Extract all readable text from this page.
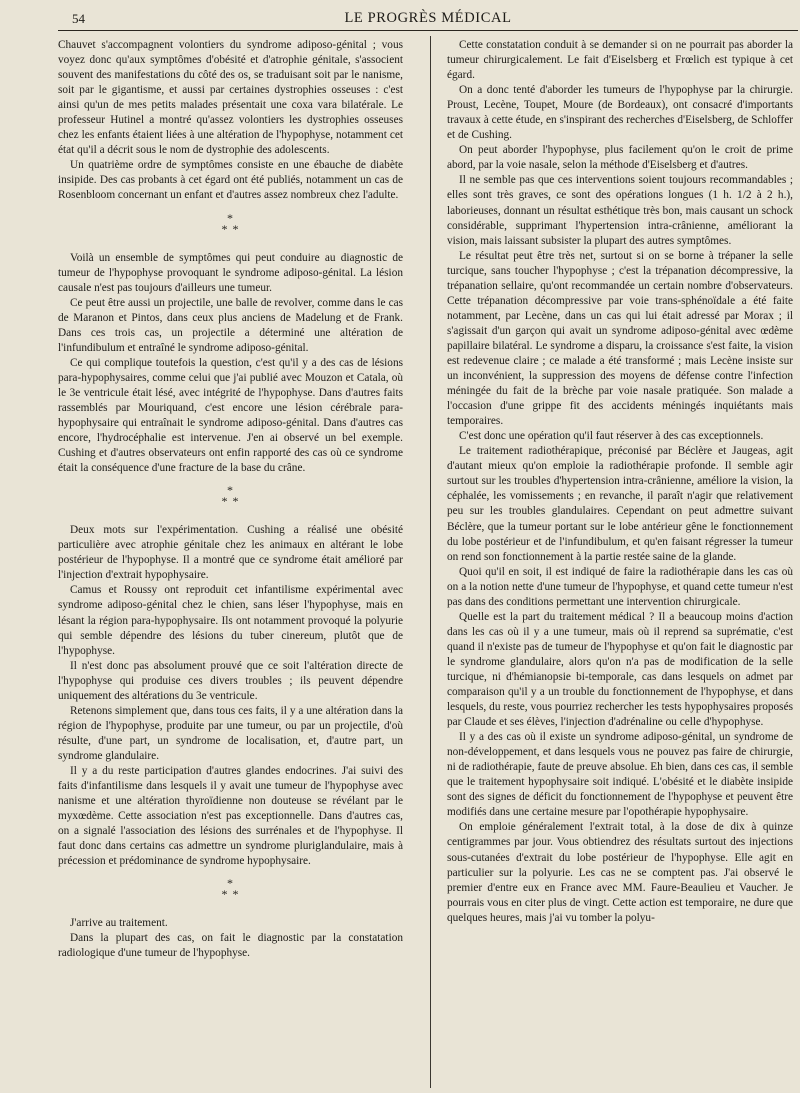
54	LE PROGRÈS MÉDICAL

Chauvet s'accompagnent volontiers du syndrome adiposo-génital ; vous voyez donc qu'aux symptômes d'obésité et d'atrophie génitale, s'associent souvent des manifestations du côté des os, se traduisant soit par le nanisme, soit par le gigantisme, et aussi par certaines dystrophies osseuses : c'est ainsi qu'un de mes petits malades présentait une coxa vara bilatérale. Le professeur Hutinel a montré qu'assez volontiers les dystrophies osseuses chez les enfants étaient liées à une altération de l'hypophyse, notamment cet état qu'il a décrit sous le nom de dystrophie des adolescents.

Un quatrième ordre de symptômes consiste en une ébauche de diabète insipide. Des cas probants à cet égard ont été publiés, notamment un cas de Rosenbloom concernant un enfant et d'autres assez nombreux chez l'adulte.

*
* *

Voilà un ensemble de symptômes qui peut conduire au diagnostic de tumeur de l'hypophyse provoquant le syndrome adiposo-génital. La lésion causale n'est pas toujours d'ailleurs une tumeur.

Ce peut être aussi un projectile, une balle de revolver, comme dans le cas de Maranon et Pintos, dans ceux plus anciens de Madelung et de Frank. Dans ces trois cas, un projectile a déterminé une altération de l'infundibulum et entraîné le syndrome adiposo-génital.

Ce qui complique toutefois la question, c'est qu'il y a des cas de lésions para-hypophysaires, comme celui que j'ai publié avec Mouzon et Catala, où le 3e ventricule était lésé, avec intégrité de l'hypophyse. Dans d'autres faits rassemblés par Mouriquand, c'est encore une lésion cérébrale para-hypophysaire qui entraînait le syndrome adiposo-génital. Dans d'autres cas encore, l'hydrocéphalie est intervenue. J'en ai observé un bel exemple. Cushing et d'autres observateurs ont enfin rapporté des cas où ce syndrome était la conséquence d'une fracture de la base du crâne.

*
* *

Deux mots sur l'expérimentation. Cushing a réalisé une obésité particulière avec atrophie génitale chez les animaux en altérant le lobe postérieur de l'hypophyse. Il a montré que ce syndrome était amélioré par l'injection d'extrait hypophysaire.

Camus et Roussy ont reproduit cet infantilisme expérimental avec syndrome adiposo-génital chez le chien, sans léser l'hypophyse, mais en lésant la région para-hypophysaire. Ils ont notamment provoqué la polyurie qui semble dépendre des lésions du tuber cinereum, plutôt que de l'hypophyse.

Il n'est donc pas absolument prouvé que ce soit l'altération directe de l'hypophyse qui produise ces divers troubles ; ils peuvent dépendre uniquement des altérations du 3e ventricule.

Retenons simplement que, dans tous ces faits, il y a une altération dans la région de l'hypophyse, produite par une tumeur, ou par un projectile, d'où résulte, d'une part, un syndrome de localisation, et, d'autre part, un syndrome glandulaire.

Il y a du reste participation d'autres glandes endocrines. J'ai suivi des faits d'infantilisme dans lesquels il y avait une tumeur de l'hypophyse avec nanisme et une altération thyroïdienne non douteuse se révélant par le myxœdème. Cette association n'est pas exceptionnelle. Dans d'autres cas, on a signalé l'association des lésions des surrénales et de l'hypophyse. Il faut donc dans certains cas admettre un syndrome pluriglandulaire, mais à précession et prédominance de syndrome hypophysaire.

*
* *

J'arrive au traitement.

Dans la plupart des cas, on fait le diagnostic par la constatation radiologique d'une tumeur de l'hypophyse.

Cette constatation conduit à se demander si on ne pourrait pas aborder la tumeur chirurgicalement. Le fait d'Eiselsberg et Frœlich est typique à cet égard.

On a donc tenté d'aborder les tumeurs de l'hypophyse par la chirurgie. Proust, Lecène, Toupet, Moure (de Bordeaux), ont consacré d'importants travaux à cette étude, en s'inspirant des recherches d'Eiselsberg, de Schloffer et de Cushing.

On peut aborder l'hypophyse, plus facilement qu'on le croit de prime abord, par la voie nasale, selon la méthode d'Eiselsberg et d'autres.

Il ne semble pas que ces interventions soient toujours recommandables ; elles sont très graves, ce sont des opérations longues (1 h. 1/2 à 2 h.), laborieuses, donnant un résultat esthétique très bon, mais causant un schock considérable, supprimant l'hypertension intra-crânienne, améliorant la vision, mais laissant subsister la plupart des autres symptômes.

Le résultat peut être très net, surtout si on se borne à trépaner la selle turcique, sans toucher l'hypophyse ; c'est la trépanation décompressive, la trépanation sellaire, qu'ont recommandée un certain nombre d'observateurs. Cette trépanation décompressive par voie trans-sphénoïdale a été faite notamment, par Lecène, dans un cas qui lui était adressé par Morax ; il s'agissait d'un garçon qui avait un syndrome adiposo-génital avec œdème papillaire bilatéral. Le syndrome a disparu, la croissance s'est faite, la vision est redevenue claire ; ce malade a été transformé ; mais Lecène insiste sur un inconvénient, la suppression des moyens de défense contre l'infection méningée du fait de la brèche par voie nasale pratiquée. Son malade a l'occasion d'une grippe fit des accidents méningés inquiétants mais temporaires.

C'est donc une opération qu'il faut réserver à des cas exceptionnels.

Le traitement radiothérapique, préconisé par Béclère et Jaugeas, agit d'autant mieux qu'on emploie la radiothérapie profonde. Il semble agir surtout sur les troubles d'hypertension intra-crânienne, améliore la vision, la céphalée, les vomissements ; en revanche, il paraît n'agir que relativement peu sur les troubles glandulaires. Cependant on peut admettre suivant Béclère, que la tumeur portant sur le lobe antérieur gêne le fonctionnement du lobe postérieur et de l'infundibulum, et qu'en faisant régresser la tumeur on rend son fonctionnement à la partie restée saine de la glande.

Quoi qu'il en soit, il est indiqué de faire la radiothérapie dans les cas où on a la notion nette d'une tumeur de l'hypophyse, et quand cette tumeur n'est pas dans des conditions permettant une intervention chirurgicale.

Quelle est la part du traitement médical ? Il a beaucoup moins d'action dans les cas où il y a une tumeur, mais où il reprend sa suprématie, c'est quand il n'existe pas de tumeur de l'hypophyse et qu'on fait le diagnostic par le syndrome glandulaire, alors qu'on n'a pas de modification de la selle turcique, ni d'hémianopsie bi-temporale, cas dans lesquels on admet par comparaison qu'il y a un trouble du fonctionnement de l'hypophyse, et dans lesquels, du reste, vous pourriez rechercher les tests hypophysaires proposés par Claude et ses élèves, l'injection d'adrénaline ou celle d'hypophyse.

Il y a des cas où il existe un syndrome adiposo-génital, un syndrome de non-développement, et dans lesquels vous ne pouvez pas faire de chirurgie, ni de radiothérapie, faute de preuve absolue. Eh bien, dans ces cas, il semble que le traitement hypophysaire soit indiqué. L'obésité et le diabète insipide sont des signes de déficit du fonctionnement de l'hypophyse et peuvent être modifiés dans une certaine mesure par l'opothérapie hypophysaire.

On emploie généralement l'extrait total, à la dose de dix à quinze centigrammes par jour. Vous obtiendrez des résultats surtout des injections sous-cutanées d'extrait du lobe postérieur de l'hypophyse. Elle agit en particulier sur la polyurie. Les cas ne se comptent pas. J'ai observé le premier d'entre eux en France avec MM. Faure-Beaulieu et Vaucher. Je pourrais vous en citer plus de vingt. Cette action est temporaire, ne dure que quelques heures, mais j'ai vu tomber la polyu-
